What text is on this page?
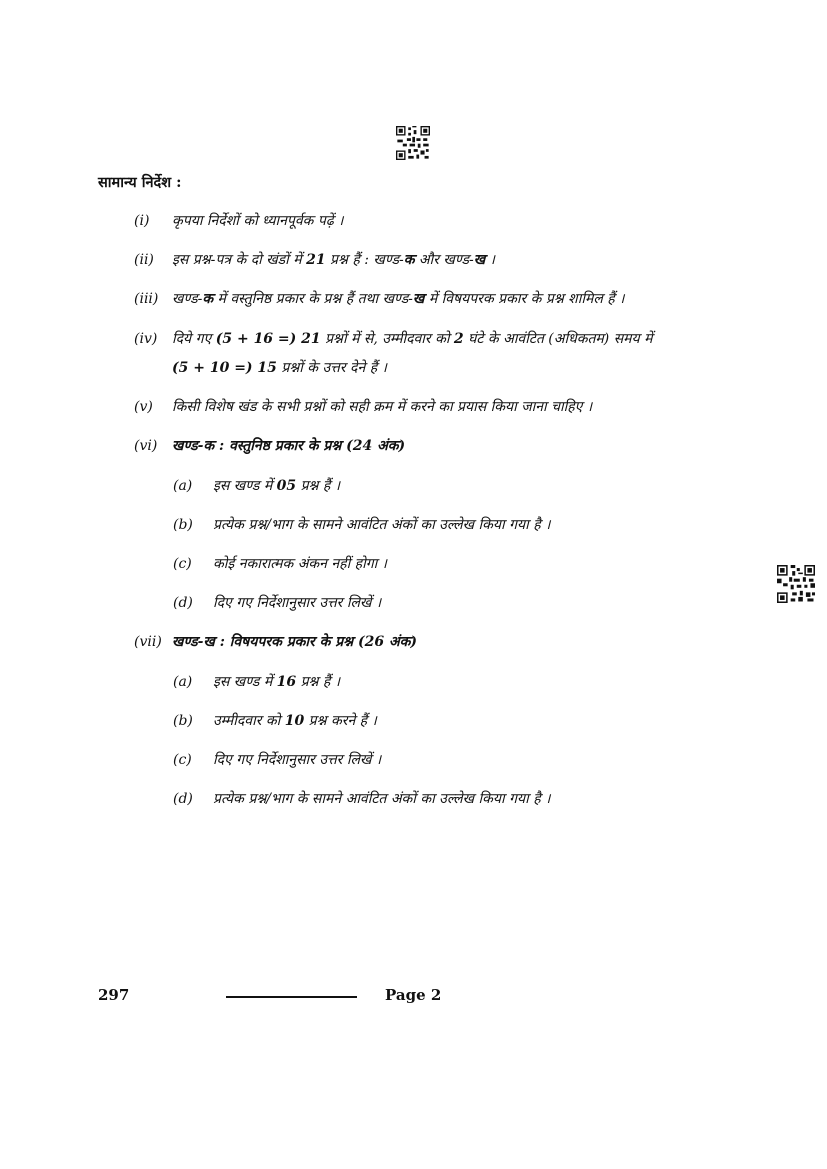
सामान्य निर्देश :
(i) कृपया निर्देशों को ध्यानपूर्वक पढ़ें ।
(ii) इस प्रश्न-पत्र के दो खंडों में 21 प्रश्न हैं : खण्ड-क और खण्ड-ख ।
(iii) खण्ड-क में वस्तुनिष्ठ प्रकार के प्रश्न हैं तथा खण्ड-ख में विषयपरक प्रकार के प्रश्न शामिल हैं ।
(iv) दिये गए (5 + 16 =) 21 प्रश्नों में से, उम्मीदवार को 2 घंटे के आवंटित (अधिकतम) समय में
(5 + 10 =) 15 प्रश्नों के उत्तर देने हैं ।
(v) किसी विशेष खंड के सभी प्रश्नों को सही क्रम में करने का प्रयास किया जाना चाहिए ।
(vi) खण्ड-क : वस्तुनिष्ठ प्रकार के प्रश्न (24 अंक)
(a) इस खण्ड में 05 प्रश्न हैं ।
(b) प्रत्येक प्रश्न/भाग के सामने आवंटित अंकों का उल्लेख किया गया है ।
(c) कोई नकारात्मक अंकन नहीं होगा ।
(d) दिए गए निर्देशानुसार उत्तर लिखें ।
(vii) खण्ड-ख : विषयपरक प्रकार के प्रश्न (26 अंक)
(a) इस खण्ड में 16 प्रश्न हैं ।
(b) उम्मीदवार को 10 प्रश्न करने हैं ।
(c) दिए गए निर्देशानुसार उत्तर लिखें ।
(d) प्रत्येक प्रश्न/भाग के सामने आवंटित अंकों का उल्लेख किया गया है ।
297	Page 2
